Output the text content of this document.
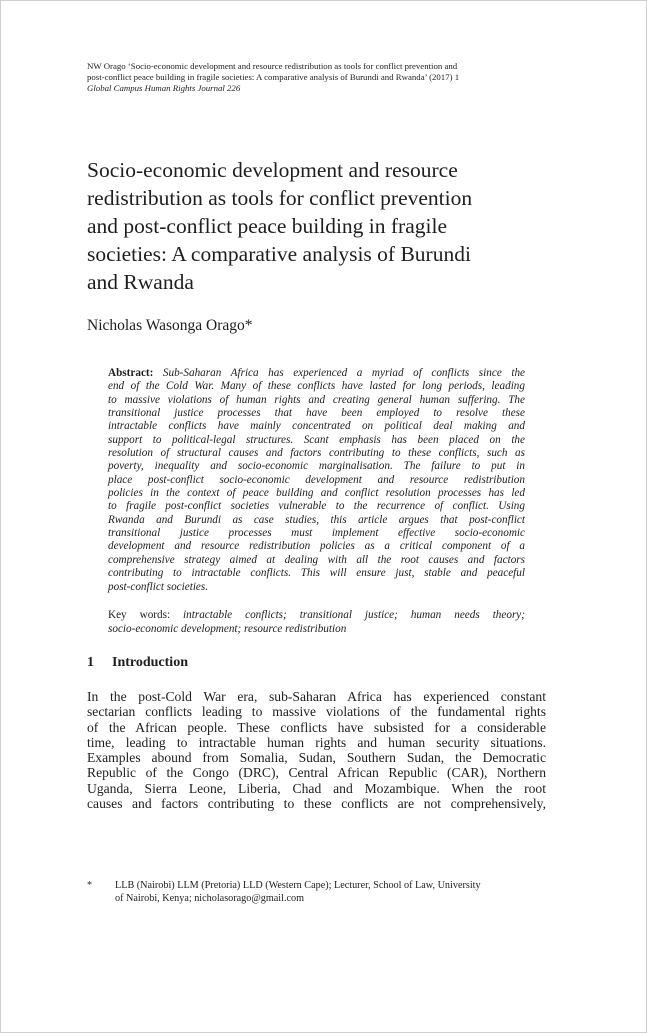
NW Orago ‘Socio-economic development and resource redistribution as tools for conflict prevention and
post-conflict peace building in fragile societies: A comparative analysis of Burundi and Rwanda’ (2017) 1
Global Campus Human Rights Journal 226
Socio-economic development and resource
redistribution as tools for conflict prevention
and post-conflict peace building in fragile
societies: A comparative analysis of Burundi
and Rwanda
Nicholas Wasonga Orago*
Abstract: Sub-Saharan Africa has experienced a myriad of conflicts since the
end of the Cold War. Many of these conflicts have lasted for long periods, leading
to massive violations of human rights and creating general human suffering. The
transitional justice processes that have been employed to resolve these
intractable conflicts have mainly concentrated on political deal making and
support to political-legal structures. Scant emphasis has been placed on the
resolution of structural causes and factors contributing to these conflicts, such as
poverty, inequality and socio-economic marginalisation. The failure to put in
place post-conflict socio-economic development and resource redistribution
policies in the context of peace building and conflict resolution processes has led
to fragile post-conflict societies vulnerable to the recurrence of conflict. Using
Rwanda and Burundi as case studies, this article argues that post-conflict
transitional justice processes must implement effective socio-economic
development and resource redistribution policies as a critical component of a
comprehensive strategy aimed at dealing with all the root causes and factors
contributing to intractable conflicts. This will ensure just, stable and peaceful
post-conflict societies.
Key words: intractable conflicts; transitional justice; human needs theory;
socio-economic development; resource redistribution
1 Introduction
In the post-Cold War era, sub-Saharan Africa has experienced constant
sectarian conflicts leading to massive violations of the fundamental rights
of the African people. These conflicts have subsisted for a considerable
time, leading to intractable human rights and human security situations.
Examples abound from Somalia, Sudan, Southern Sudan, the Democratic
Republic of the Congo (DRC), Central African Republic (CAR), Northern
Uganda, Sierra Leone, Liberia, Chad and Mozambique. When the root
causes and factors contributing to these conflicts are not comprehensively,
* LLB (Nairobi) LLM (Pretoria) LLD (Western Cape); Lecturer, School of Law, University
of Nairobi, Kenya; nicholasorago@gmail.com
